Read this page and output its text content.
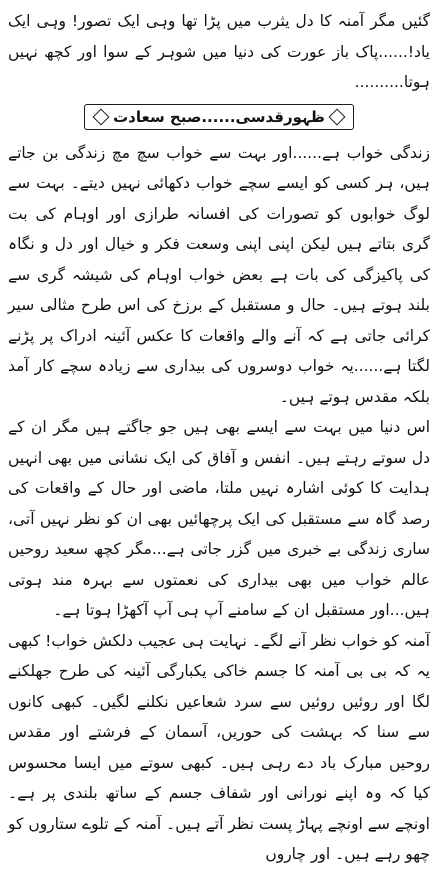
گئیں مگر آمنہ کا دل یثرب میں پڑا تھا وہی ایک تصور! وہی ایک یاد!......پاک باز عورت کی دنیا میں شوہر کے سوا اور کچھ نہیں ہوتا..........

ظہورقدسی......صبح سعادت

زندگی خواب ہے......اور بہت سے خواب سچ مچ زندگی بن جاتے ہیں، ہر کسی کو ایسے سچے خواب دکھائی نہیں دیتے۔ بہت سے لوگ خوابوں کو تصورات کی افسانہ طرازی اور اوہام کی بت گری بتاتے ہیں لیکن اپنی اپنی وسعت فکر و خیال اور دل و نگاہ کی پاکیزگی کی بات ہے بعض خواب اوہام کی شیشہ گری سے بلند ہوتے ہیں۔ حال و مستقبل کے برزخ کی اس طرح مثالی سیر کرائی جاتی ہے کہ آنے والے واقعات کا عکس آئینہ ادراک پر پڑنے لگتا ہے......یہ خواب دوسروں کی بیداری سے زیادہ سچے کار آمد بلکہ مقدس ہوتے ہیں۔

اس دنیا میں بہت سے ایسے بھی ہیں جو جاگتے ہیں مگر ان کے دل سوتے رہتے ہیں۔ انفس و آفاق کی ایک نشانی میں بھی انہیں ہدایت کا کوئی اشارہ نہیں ملتا، ماضی اور حال کے واقعات کی رصد گاہ سے مستقبل کی ایک پرچھائیں بھی ان کو نظر نہیں آتی، ساری زندگی بے خبری میں گزر جاتی ہے...مگر کچھ سعید روحیں عالم خواب میں بھی بیداری کی نعمتوں سے بہرہ مند ہوتی ہیں...اور مستقبل ان کے سامنے آپ ہی آپ آکھڑا ہوتا ہے۔

آمنہ کو خواب نظر آنے لگے۔ نہایت ہی عجیب دلکش خواب! کبھی یہ کہ بی بی آمنہ کا جسم خاکی یکبارگی آئینہ کی طرح جھلکنے لگا اور روئیں روئیں سے سرد شعاعیں نکلنے لگیں۔ کبھی کانوں سے سنا کہ بہشت کی حوریں، آسمان کے فرشتے اور مقدس روحیں مبارک باد دے رہی ہیں۔ کبھی سوتے میں ایسا محسوس کیا کہ وہ اپنے نورانی اور شفاف جسم کے ساتھ بلندی پر ہے۔ اونچے سے اونچے پہاڑ پست نظر آتے ہیں۔ آمنہ کے تلوے ستاروں کو چھو رہے ہیں۔ اور چاروں
